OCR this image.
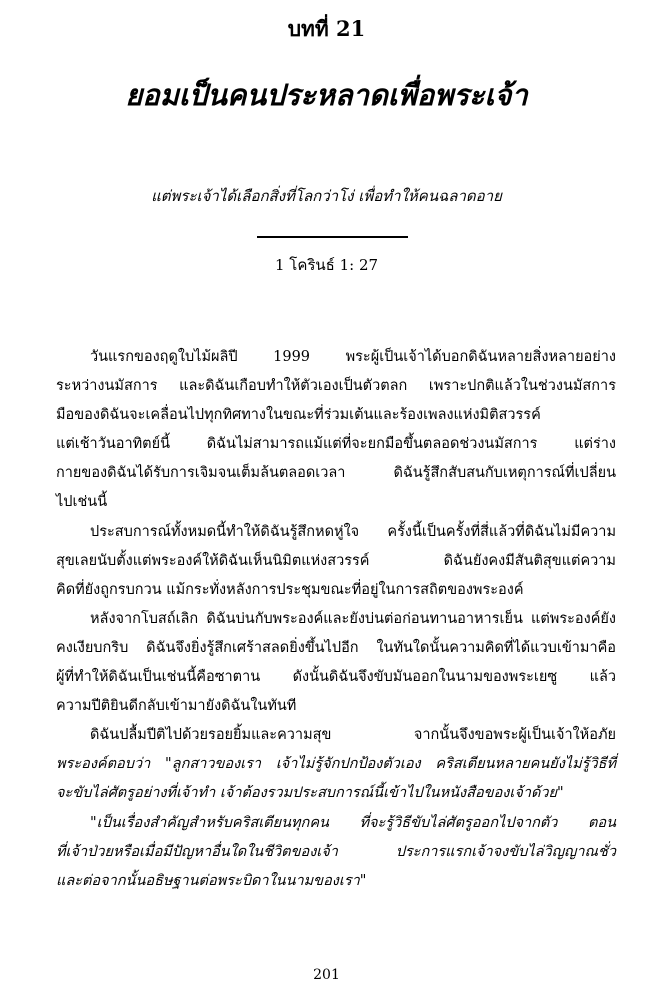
บทที่ 21
ยอมเป็นคนประหลาดเพื่อพระเจ้า
แต่พระเจ้าได้เลือกสิ่งที่โลกว่าโง่ เพื่อทำให้คนฉลาดอาย
1 โครินธ์ 1: 27
วันแรกของฤดูใบไม้ผลิปี 1999 พระผู้เป็นเจ้าได้บอกดิฉันหลายสิ่งหลายอย่าง
ระหว่างนมัสการ และดิฉันเกือบทำให้ตัวเองเป็นตัวตลก เพราะปกติแล้วในช่วงนมัสการ
มือของดิฉันจะเคลื่อนไปทุกทิศทางในขณะที่ร่วมเต้นและร้องเพลงแห่งมิติสวรรค์
แต่เช้าวันอาทิตย์นี้ ดิฉันไม่สามารถแม้แต่ที่จะยกมือขึ้นตลอดช่วงนมัสการ แต่ร่าง
กายของดิฉันได้รับการเจิมจนเต็มล้นตลอดเวลา ดิฉันรู้สึกสับสนกับเหตุการณ์ที่เปลี่ยน
ไปเช่นนี้
ประสบการณ์ทั้งหมดนี้ทำให้ดิฉันรู้สึกหดหู่ใจ ครั้งนี้เป็นครั้งที่สี่แล้วที่ดิฉันไม่มีความ
สุขเลยนับตั้งแต่พระองค์ให้ดิฉันเห็นนิมิตแห่งสวรรค์ ดิฉันยังคงมีสันติสุขแต่ความ
คิดที่ยังถูกรบกวน แม้กระทั่งหลังการประชุมขณะที่อยู่ในการสถิตของพระองค์
หลังจากโบสถ์เลิก ดิฉันบ่นกับพระองค์และยังบ่นต่อก่อนทานอาหารเย็น แต่พระองค์ยัง
คงเงียบกริบ ดิฉันจึงยิ่งรู้สึกเศร้าสลดยิ่งขึ้นไปอีก ในทันใดนั้นความคิดที่ได้แวบเข้ามาคือ
ผู้ที่ทำให้ดิฉันเป็นเช่นนี้คือซาตาน ดังนั้นดิฉันจึงขับมันออกในนามของพระเยซู แล้ว
ความปีติยินดีกลับเข้ามายังดิฉันในทันที
ดิฉันปลื้มปีติไปด้วยรอยยิ้มและความสุข จากนั้นจึงขอพระผู้เป็นเจ้าให้อภัย
พระองค์ตอบว่า "ลูกสาวของเรา เจ้าไม่รู้จักปกป้องตัวเอง คริสเตียนหลายคนยังไม่รู้วิธีที่
จะขับไล่ศัตรูอย่างที่เจ้าทำ เจ้าต้องรวมประสบการณ์นี้เข้าไปในหนังสือของเจ้าด้วย"
"เป็นเรื่องสำคัญสำหรับคริสเตียนทุกคน ที่จะรู้วิธีขับไล่ศัตรูออกไปจากตัว ตอน
ที่เจ้าป่วยหรือเมื่อมีปัญหาอื่นใดในชีวิตของเจ้า ประการแรกเจ้าจงขับไล่วิญญาณชั่ว
และต่อจากนั้นอธิษฐานต่อพระบิดาในนามของเรา"
201
